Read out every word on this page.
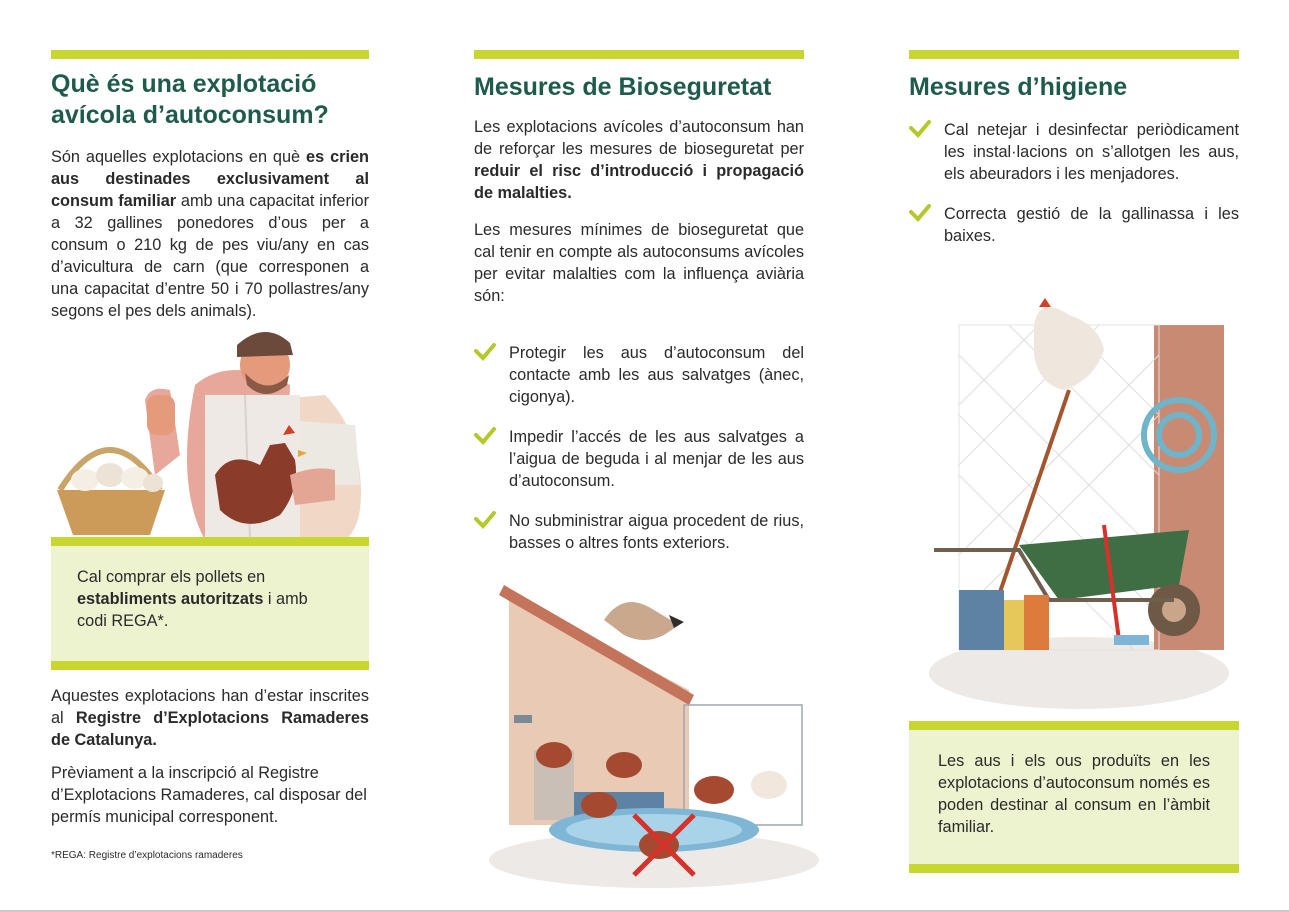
Què és una explotació
avícola d’autoconsum?

Són aquelles explotacions en què es crien aus destinades exclusivament al consum familiar amb una capacitat inferior a 32 gallines ponedores d’ous per a consum o 210 kg de pes viu/any en cas d’avicultura de carn (que corresponen a una capacitat d’entre 50 i 70 pollastres/any segons el pes dels animals).

Cal comprar els pollets en establiments autoritzats i amb codi REGA*.

Aquestes explotacions han d’estar inscrites al Registre d’Explotacions Ramaderes de Catalunya.

Prèviament a la inscripció al Registre d’Explotacions Ramaderes, cal disposar del permís municipal corresponent.

*REGA: Registre d’explotacions ramaderes
Mesures de Bioseguretat

Les explotacions avícoles d’autoconsum han de reforçar les mesures de bioseguretat per reduir el risc d’introducció i propagació de malalties.

Les mesures mínimes de bioseguretat que cal tenir en compte als autoconsums avícoles per evitar malalties com la influença aviària són:

Protegir les aus d’autoconsum del contacte amb les aus salvatges (ànec, cigonya).

Impedir l’accés de les aus salvatges a l’aigua de beguda i al menjar de les aus d’autoconsum.

No subministrar aigua procedent de rius, basses o altres fonts exteriors.

Mesures d’higiene

Cal netejar i desinfectar periòdicament les instal·lacions on s’allotgen les aus, els abeuradors i les menjadores.

Correcta gestió de la gallinassa i les baixes.

Les aus i els ous produïts en les explotacions d’autoconsum només es poden destinar al consum en l’àmbit familiar.
